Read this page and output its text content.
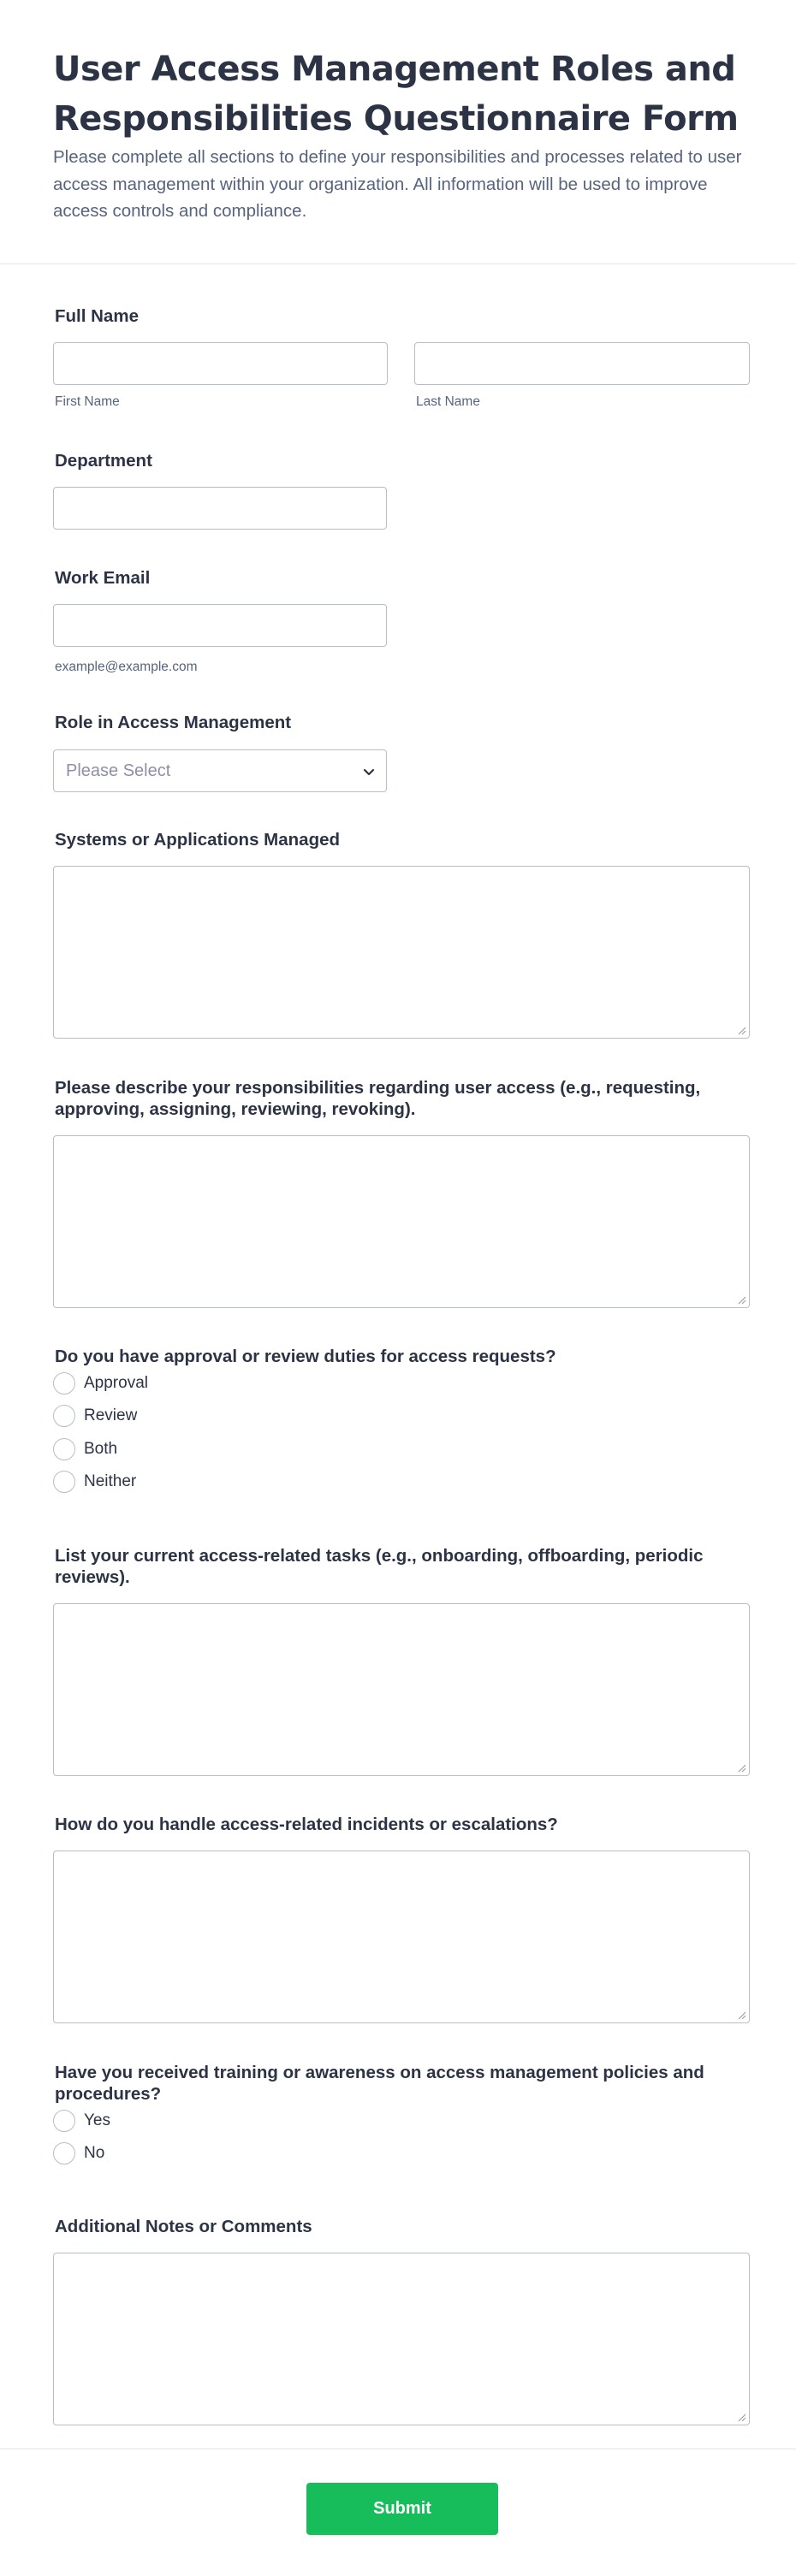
User Access Management Roles and Responsibilities Questionnaire Form

Please complete all sections to define your responsibilities and processes related to user access management within your organization. All information will be used to improve access controls and compliance.

Full Name
First Name	Last Name
Department
Work Email
example@example.com
Role in Access Management
Please Select
Systems or Applications Managed
Please describe your responsibilities regarding user access (e.g., requesting, approving, assigning, reviewing, revoking).
Do you have approval or review duties for access requests?
Approval
Review
Both
Neither
List your current access-related tasks (e.g., onboarding, offboarding, periodic reviews).
How do you handle access-related incidents or escalations?
Have you received training or awareness on access management policies and procedures?
Yes
No
Additional Notes or Comments
Submit
